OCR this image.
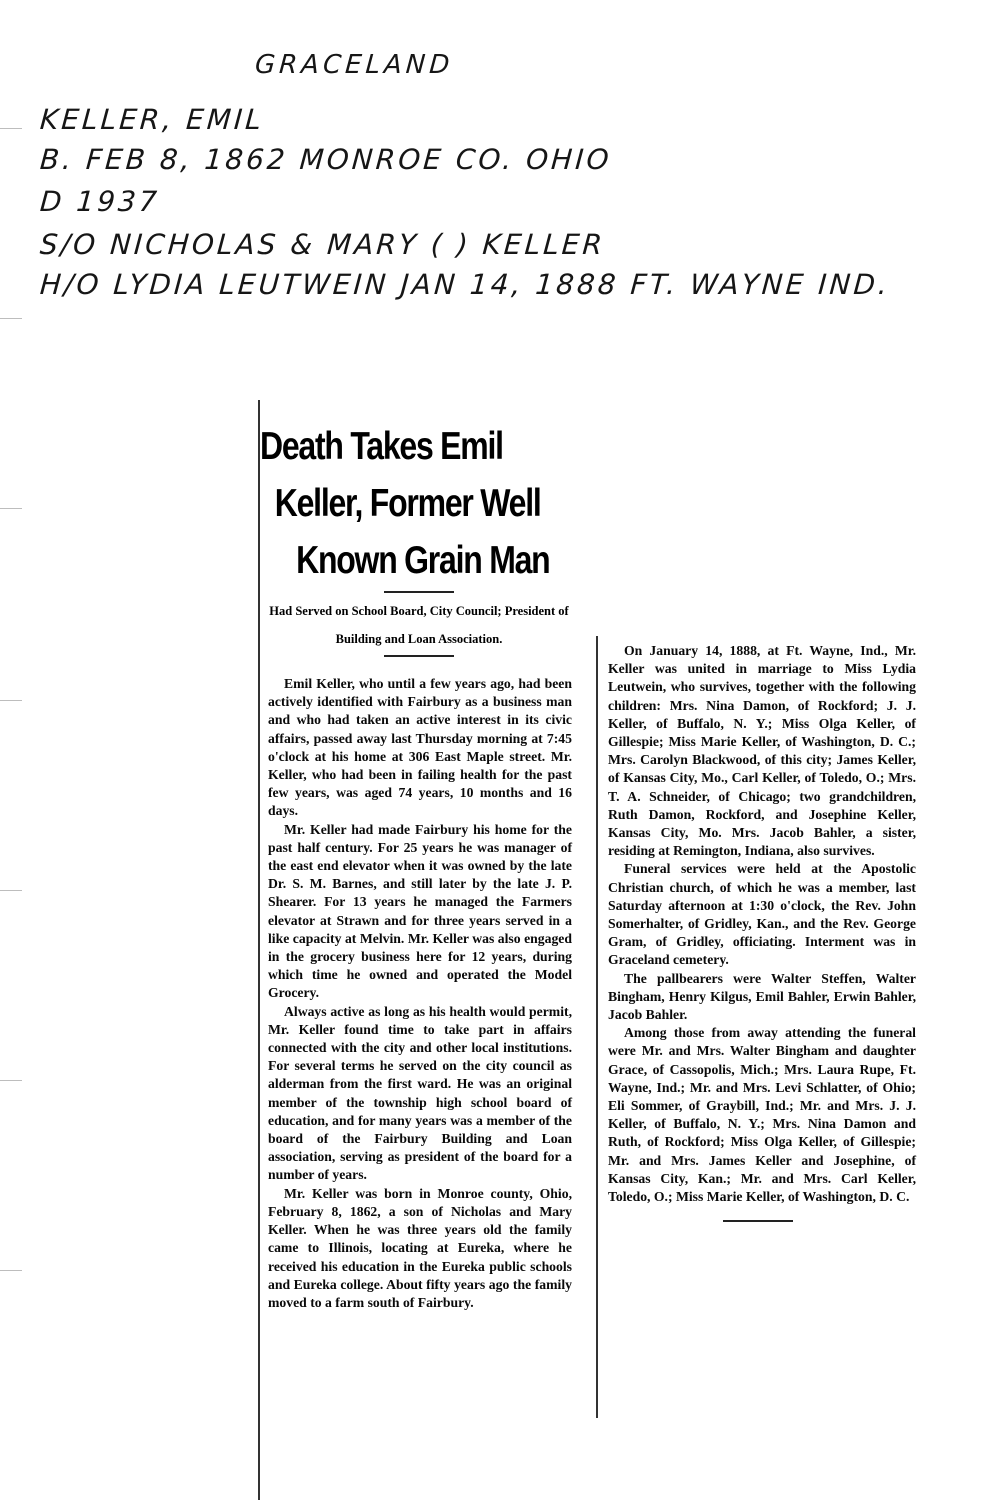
GRACELAND
KELLER, EMIL
B. FEB 8, 1862 MONROE CO. OHIO
D 1937
S/O NICHOLAS & MARY ( ) KELLER
H/O LYDIA LEUTWEIN JAN 14, 1888 FT. WAYNE IND.
Death Takes Emil
Keller, Former Well
Known Grain Man
Had Served on School Board, City Council; President of Building and Loan Association.

Emil Keller, who until a few years ago, had been actively identified with Fairbury as a business man and who had taken an active interest in its civic affairs, passed away last Thursday morning at 7:45 o'clock at his home at 306 East Maple street. Mr. Keller, who had been in failing health for the past few years, was aged 74 years, 10 months and 16 days.

Mr. Keller had made Fairbury his home for the past half century. For 25 years he was manager of the east end elevator when it was owned by the late Dr. S. M. Barnes, and still later by the late J. P. Shearer. For 13 years he managed the Farmers elevator at Strawn and for three years served in a like capacity at Melvin. Mr. Keller was also engaged in the grocery business here for 12 years, during which time he owned and operated the Model Grocery.

Always active as long as his health would permit, Mr. Keller found time to take part in affairs connected with the city and other local institutions. For several terms he served on the city council as alderman from the first ward. He was an original member of the township high school board of education, and for many years was a member of the board of the Fairbury Building and Loan association, serving as president of the board for a number of years.

Mr. Keller was born in Monroe county, Ohio, February 8, 1862, a son of Nicholas and Mary Keller. When he was three years old the family came to Illinois, locating at Eureka, where he received his education in the Eureka public schools and Eureka college. About fifty years ago the family moved to a farm south of Fairbury.

On January 14, 1888, at Ft. Wayne, Ind., Mr. Keller was united in marriage to Miss Lydia Leutwein, who survives, together with the following children: Mrs. Nina Damon, of Rockford; J. J. Keller, of Buffalo, N. Y.; Miss Olga Keller, of Gillespie; Miss Marie Keller, of Washington, D. C.; Mrs. Carolyn Blackwood, of this city; James Keller, of Kansas City, Mo., Carl Keller, of Toledo, O.; Mrs. T. A. Schneider, of Chicago; two grandchildren, Ruth Damon, Rockford, and Josephine Keller, Kansas City, Mo. Mrs. Jacob Bahler, a sister, residing at Remington, Indiana, also survives.

Funeral services were held at the Apostolic Christian church, of which he was a member, last Saturday afternoon at 1:30 o'clock, the Rev. John Somerhalter, of Gridley, Kan., and the Rev. George Gram, of Gridley, officiating. Interment was in Graceland cemetery.

The pallbearers were Walter Steffen, Walter Bingham, Henry Kilgus, Emil Bahler, Erwin Bahler, Jacob Bahler.

Among those from away attending the funeral were Mr. and Mrs. Walter Bingham and daughter Grace, of Cassopolis, Mich.; Mrs. Laura Rupe, Ft. Wayne, Ind.; Mr. and Mrs. Levi Schlatter, of Ohio; Eli Sommer, of Graybill, Ind.; Mr. and Mrs. J. J. Keller, of Buffalo, N. Y.; Mrs. Nina Damon and Ruth, of Rockford; Miss Olga Keller, of Gillespie; Mr. and Mrs. James Keller and Josephine, of Kansas City, Kan.; Mr. and Mrs. Carl Keller, Toledo, O.; Miss Marie Keller, of Washington, D. C.
